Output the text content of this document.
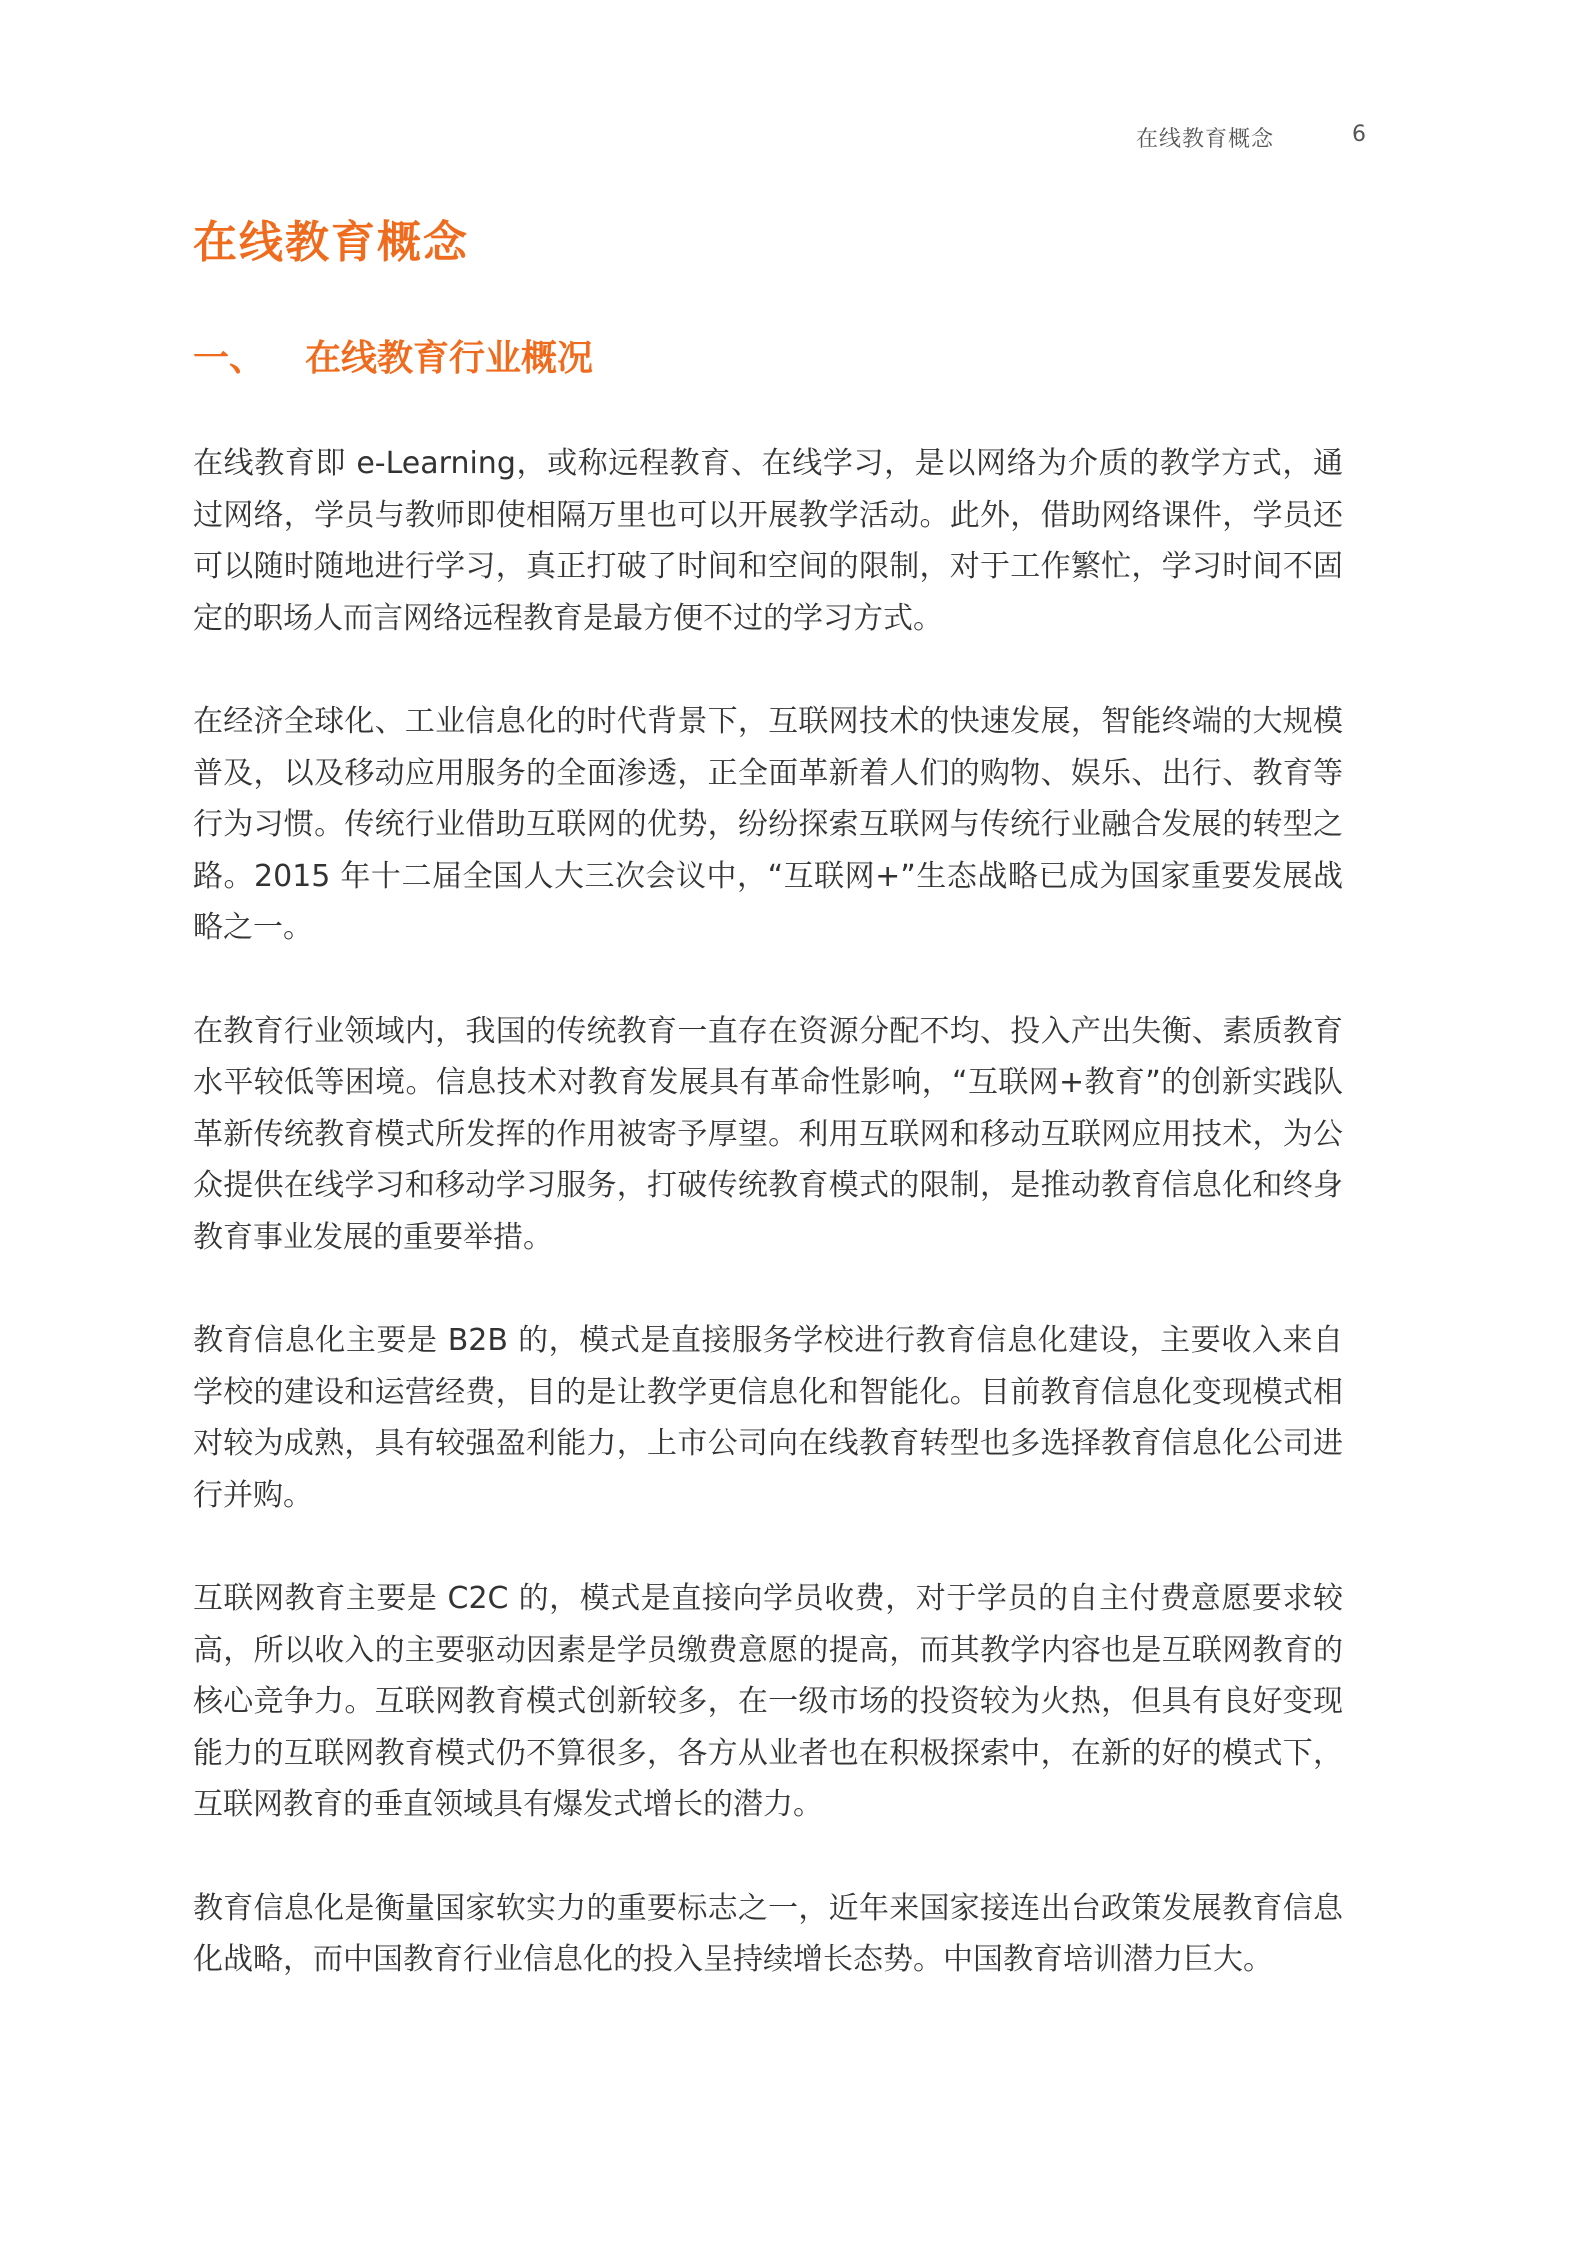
在线教育概念	6
在线教育概念
一、 在线教育行业概况

在线教育即 e-Learning，或称远程教育、在线学习，是以网络为介质的教学方式，通过网络，学员与教师即使相隔万里也可以开展教学活动。此外，借助网络课件，学员还可以随时随地进行学习，真正打破了时间和空间的限制，对于工作繁忙，学习时间不固定的职场人而言网络远程教育是最方便不过的学习方式。

在经济全球化、工业信息化的时代背景下，互联网技术的快速发展，智能终端的大规模普及，以及移动应用服务的全面渗透，正全面革新着人们的购物、娱乐、出行、教育等行为习惯。传统行业借助互联网的优势，纷纷探索互联网与传统行业融合发展的转型之路。2015 年十二届全国人大三次会议中，“互联网+”生态战略已成为国家重要发展战略之一。

在教育行业领域内，我国的传统教育一直存在资源分配不均、投入产出失衡、素质教育水平较低等困境。信息技术对教育发展具有革命性影响，“互联网+教育”的创新实践队革新传统教育模式所发挥的作用被寄予厚望。利用互联网和移动互联网应用技术，为公众提供在线学习和移动学习服务，打破传统教育模式的限制，是推动教育信息化和终身教育事业发展的重要举措。

教育信息化主要是 B2B 的，模式是直接服务学校进行教育信息化建设，主要收入来自学校的建设和运营经费，目的是让教学更信息化和智能化。目前教育信息化变现模式相对较为成熟，具有较强盈利能力，上市公司向在线教育转型也多选择教育信息化公司进行并购。

互联网教育主要是 C2C 的，模式是直接向学员收费，对于学员的自主付费意愿要求较高，所以收入的主要驱动因素是学员缴费意愿的提高，而其教学内容也是互联网教育的核心竞争力。互联网教育模式创新较多，在一级市场的投资较为火热，但具有良好变现能力的互联网教育模式仍不算很多，各方从业者也在积极探索中，在新的好的模式下，互联网教育的垂直领域具有爆发式增长的潜力。

教育信息化是衡量国家软实力的重要标志之一，近年来国家接连出台政策发展教育信息化战略，而中国教育行业信息化的投入呈持续增长态势。中国教育培训潜力巨大。
